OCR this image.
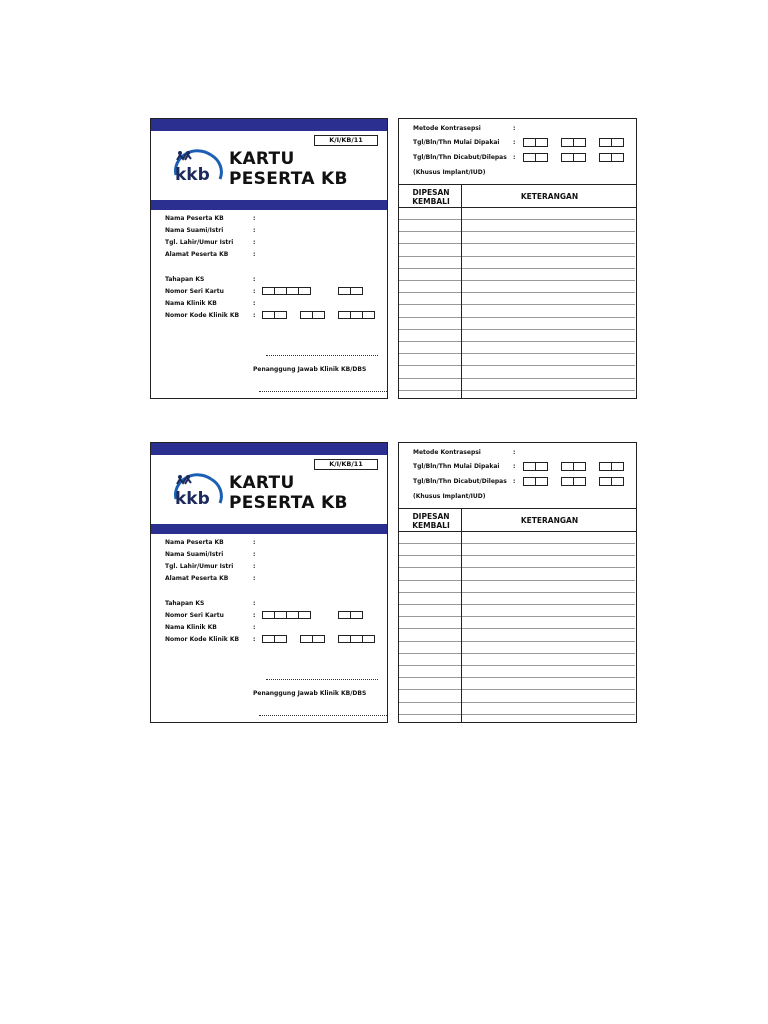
K/I/KB/11
kkb
KARTU
PESERTA KB
Nama Peserta KB	:
Nama Suami/Istri	:
Tgl. Lahir/Umur Istri	:
Alamat Peserta KB	:
Tahapan KS	:
Nomor Seri Kartu	:
Nama Klinik KB	:
Nomor Kode Klinik KB :
Penanggung Jawab Klinik KB/DBS
Metode Kontrasepsi	:
Tgl/Bln/Thn Mulai Dipakai :
Tgl/Bln/Thn Dicabut/Dilepas :
(Khusus Implant/IUD)
DIPESAN
KEMBALI
KETERANGAN
K/I/KB/11
kkb
KARTU
PESERTA KB
Nama Peserta KB	:
Nama Suami/Istri	:
Tgl. Lahir/Umur Istri	:
Alamat Peserta KB	:
Tahapan KS	:
Nomor Seri Kartu	:
Nama Klinik KB	:
Nomor Kode Klinik KB :
Penanggung Jawab Klinik KB/DBS
Metode Kontrasepsi	:
Tgl/Bln/Thn Mulai Dipakai :
Tgl/Bln/Thn Dicabut/Dilepas :
(Khusus Implant/IUD)
DIPESAN
KEMBALI
KETERANGAN
